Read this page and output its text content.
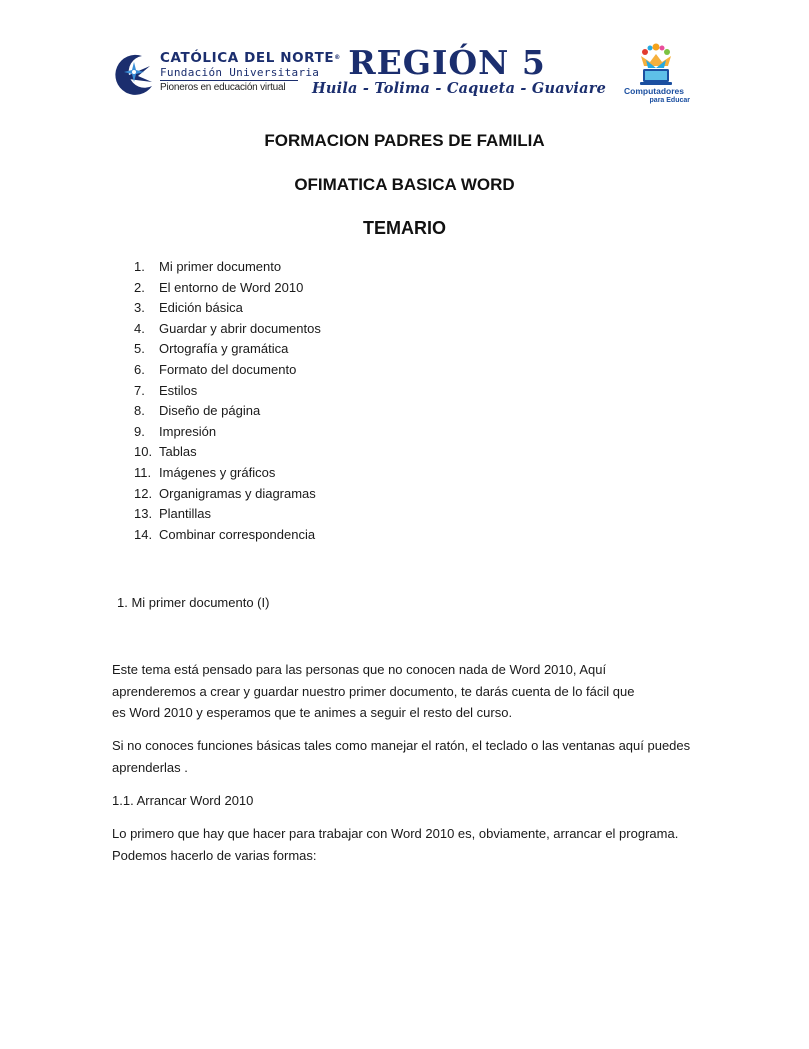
CATÓLICA DEL NORTE®
Fundación Universitaria
Pioneros en educación virtual
REGIÓN 5
Huila - Tolima - Caqueta - Guaviare	Computadores
para Educar
FORMACION PADRES DE FAMILIA
OFIMATICA BASICA WORD
TEMARIO
1. Mi primer documento
2. El entorno de Word 2010
3. Edición básica
4. Guardar y abrir documentos
5. Ortografía y gramática
6. Formato del documento
7. Estilos
8. Diseño de página
9. Impresión
10. Tablas
11. Imágenes y gráficos
12. Organigramas y diagramas
13. Plantillas
14. Combinar correspondencia
1. Mi primer documento (I)
Este tema está pensado para las personas que no conocen nada de Word 2010, Aquí
aprenderemos a crear y guardar nuestro primer documento, te darás cuenta de lo fácil que
es Word 2010 y esperamos que te animes a seguir el resto del curso.
Si no conoces funciones básicas tales como manejar el ratón, el teclado o las ventanas aquí puedes
aprenderlas .
1.1. Arrancar Word 2010
Lo primero que hay que hacer para trabajar con Word 2010 es, obviamente, arrancar el programa.
Podemos hacerlo de varias formas:
